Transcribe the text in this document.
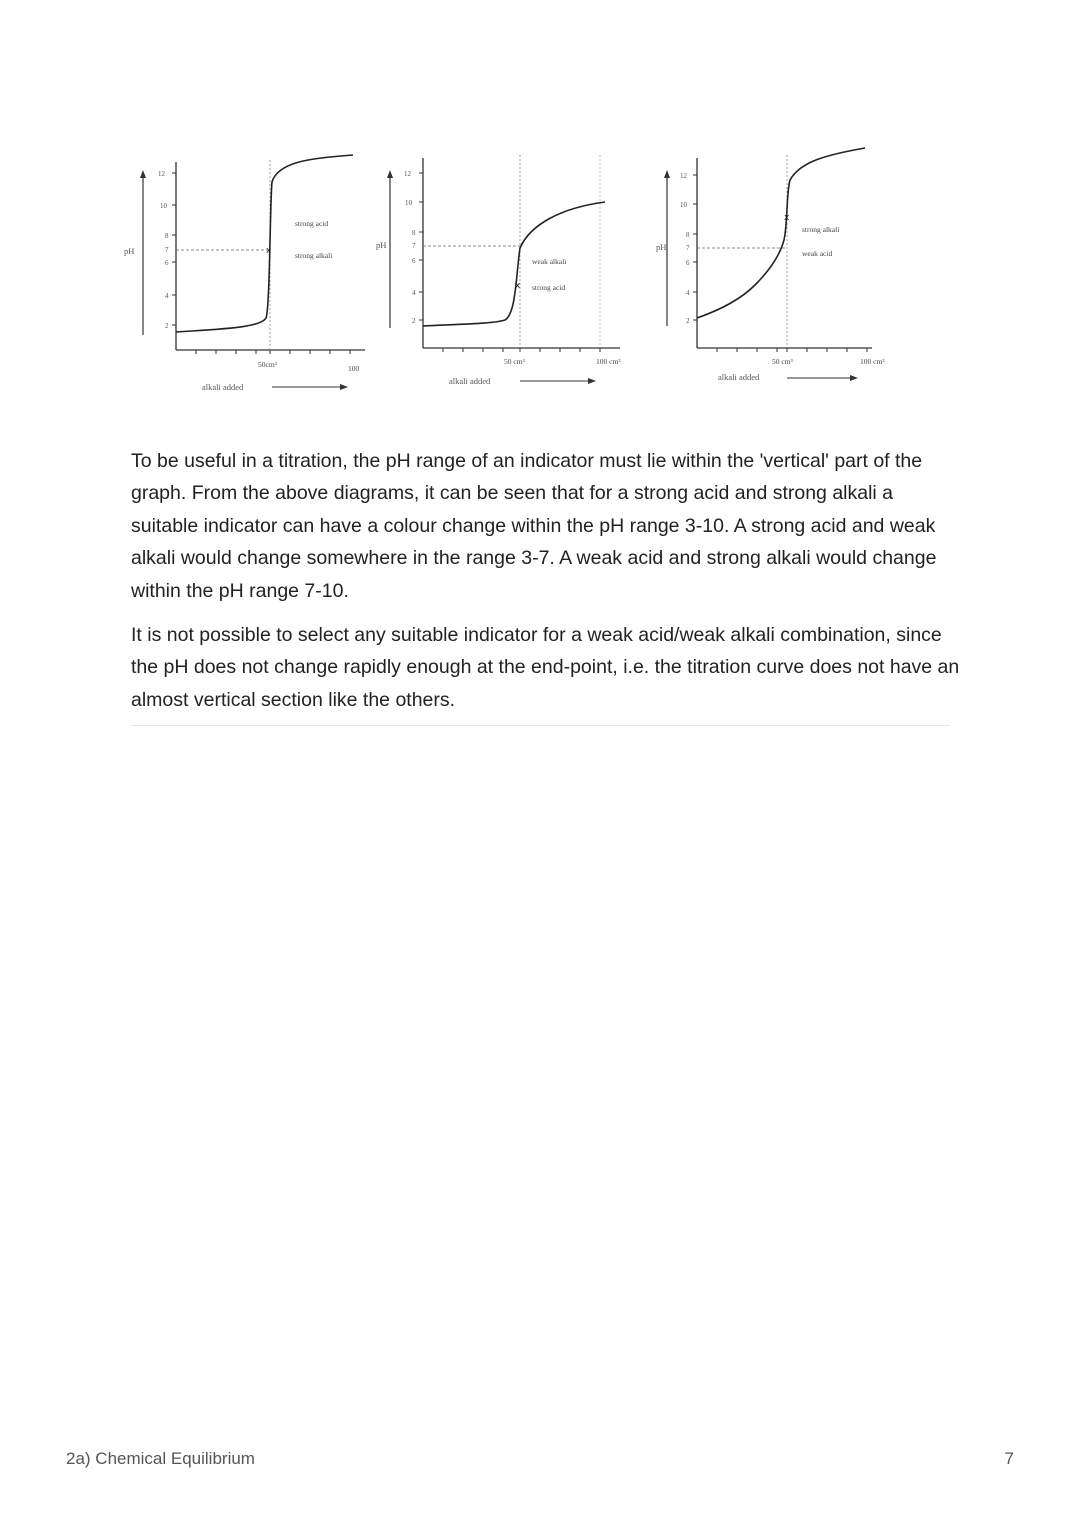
pH
12
10
8
7
6
4
2
x
strong acid
strong alkali
50cm³	100
alkali added
pH
12
10
8
7
6
4
2
x
weak alkali
strong acid
50 cm³	100 cm³
alkali added
pH
12
10
8
7
6
4
2
x
strong alkali
weak acid
50 cm³	100 cm³
alkali added

To be useful in a titration, the pH range of an indicator must lie within the 'vertical' part of the graph. From the above diagrams, it can be seen that for a strong acid and strong alkali a suitable indicator can have a colour change within the pH range 3-10. A strong acid and weak alkali would change somewhere in the range 3-7. A weak acid and strong alkali would change within the pH range 7-10.

It is not possible to select any suitable indicator for a weak acid/weak alkali combination, since the pH does not change rapidly enough at the end-point, i.e. the titration curve does not have an almost vertical section like the others.

2a) Chemical Equilibrium	7
